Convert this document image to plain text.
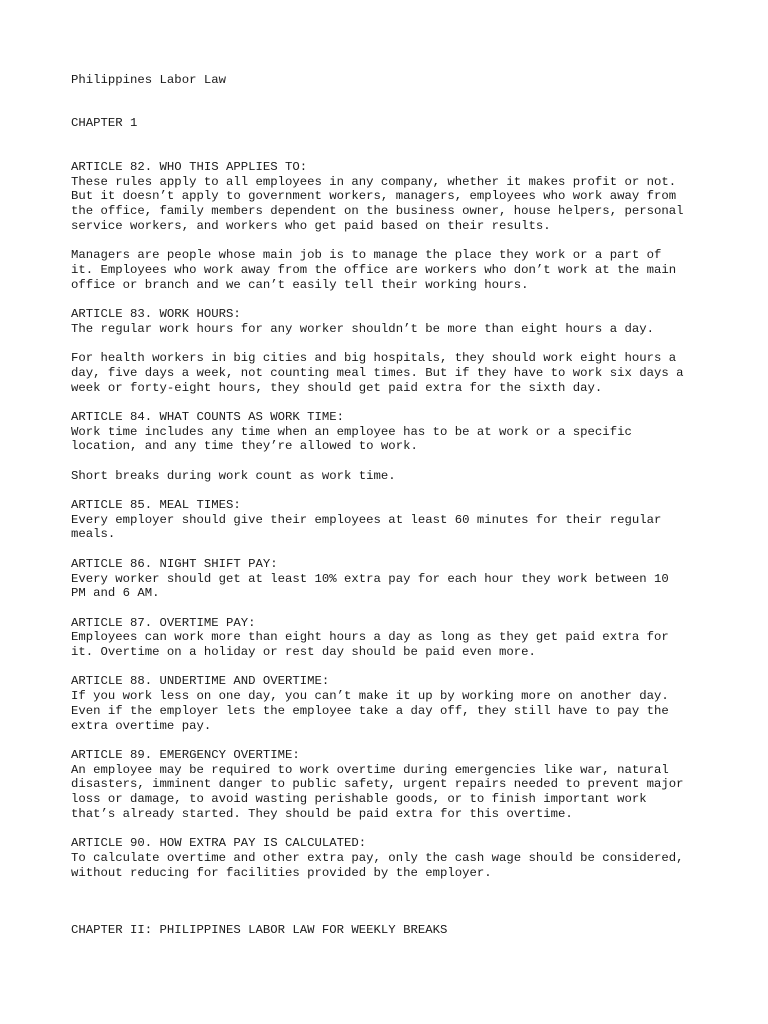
Philippines Labor Law
CHAPTER 1
ARTICLE 82. WHO THIS APPLIES TO:
These rules apply to all employees in any company, whether it makes profit or not.
But it doesn’t apply to government workers, managers, employees who work away from
the office, family members dependent on the business owner, house helpers, personal
service workers, and workers who get paid based on their results.
Managers are people whose main job is to manage the place they work or a part of
it. Employees who work away from the office are workers who don’t work at the main
office or branch and we can’t easily tell their working hours.
ARTICLE 83. WORK HOURS:
The regular work hours for any worker shouldn’t be more than eight hours a day.
For health workers in big cities and big hospitals, they should work eight hours a
day, five days a week, not counting meal times. But if they have to work six days a
week or forty-eight hours, they should get paid extra for the sixth day.
ARTICLE 84. WHAT COUNTS AS WORK TIME:
Work time includes any time when an employee has to be at work or a specific
location, and any time they’re allowed to work.
Short breaks during work count as work time.
ARTICLE 85. MEAL TIMES:
Every employer should give their employees at least 60 minutes for their regular
meals.
ARTICLE 86. NIGHT SHIFT PAY:
Every worker should get at least 10% extra pay for each hour they work between 10
PM and 6 AM.
ARTICLE 87. OVERTIME PAY:
Employees can work more than eight hours a day as long as they get paid extra for
it. Overtime on a holiday or rest day should be paid even more.
ARTICLE 88. UNDERTIME AND OVERTIME:
If you work less on one day, you can’t make it up by working more on another day.
Even if the employer lets the employee take a day off, they still have to pay the
extra overtime pay.
ARTICLE 89. EMERGENCY OVERTIME:
An employee may be required to work overtime during emergencies like war, natural
disasters, imminent danger to public safety, urgent repairs needed to prevent major
loss or damage, to avoid wasting perishable goods, or to finish important work
that’s already started. They should be paid extra for this overtime.
ARTICLE 90. HOW EXTRA PAY IS CALCULATED:
To calculate overtime and other extra pay, only the cash wage should be considered,
without reducing for facilities provided by the employer.
CHAPTER II: PHILIPPINES LABOR LAW FOR WEEKLY BREAKS
